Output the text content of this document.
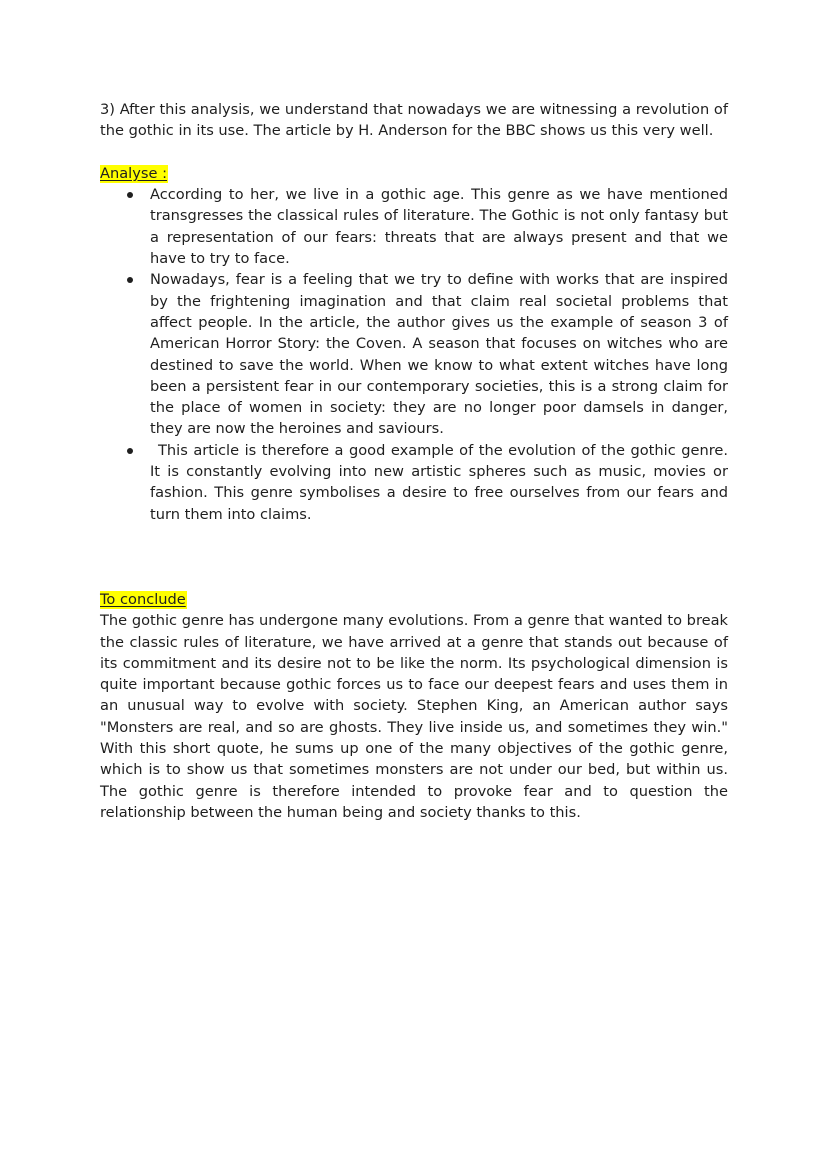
3) After this analysis, we understand that nowadays we are witnessing a revolution of the gothic in its use. The article by H. Anderson for the BBC shows us this very well.

Analyse :

According to her, we live in a gothic age. This genre as we have mentioned transgresses the classical rules of literature. The Gothic is not only fantasy but a representation of our fears: threats that are always present and that we have to try to face.
Nowadays, fear is a feeling that we try to define with works that are inspired by the frightening imagination and that claim real societal problems that affect people. In the article, the author gives us the example of season 3 of American Horror Story: the Coven. A season that focuses on witches who are destined to save the world. When we know to what extent witches have long been a persistent fear in our contemporary societies, this is a strong claim for the place of women in society: they are no longer poor damsels in danger, they are now the heroines and saviours.
This article is therefore a good example of the evolution of the gothic genre. It is constantly evolving into new artistic spheres such as music, movies or fashion. This genre symbolises a desire to free ourselves from our fears and turn them into claims.

To conclude

The gothic genre has undergone many evolutions. From a genre that wanted to break the classic rules of literature, we have arrived at a genre that stands out because of its commitment and its desire not to be like the norm. Its psychological dimension is quite important because gothic forces us to face our deepest fears and uses them in an unusual way to evolve with society. Stephen King, an American author says "Monsters are real, and so are ghosts. They live inside us, and sometimes they win." With this short quote, he sums up one of the many objectives of the gothic genre, which is to show us that sometimes monsters are not under our bed, but within us. The gothic genre is therefore intended to provoke fear and to question the relationship between the human being and society thanks to this.
